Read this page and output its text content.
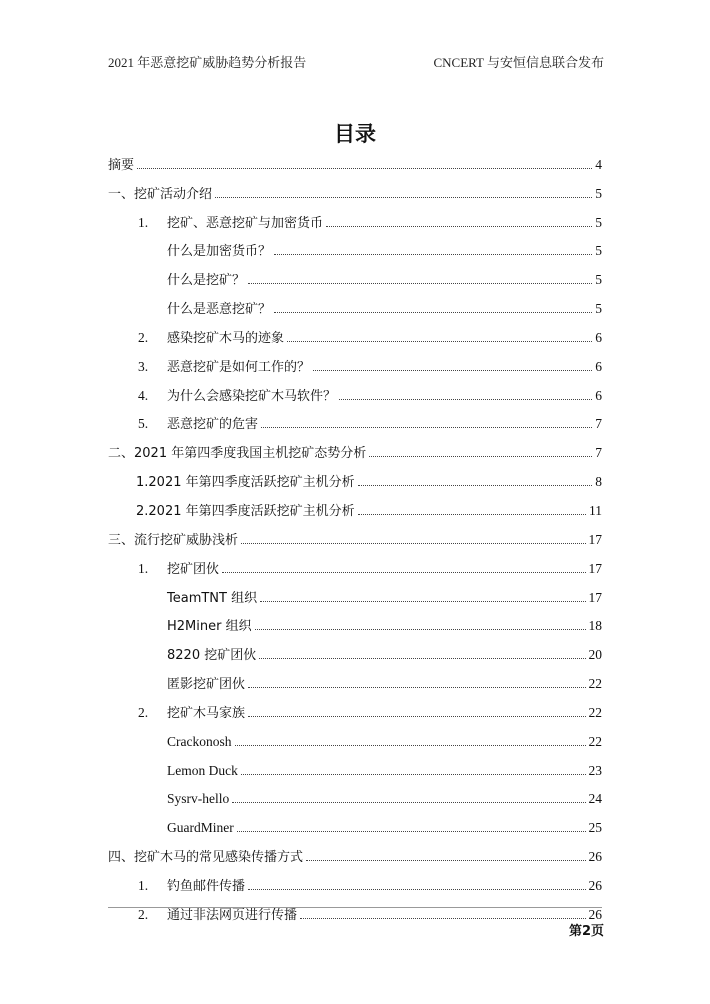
2021 年恶意挖矿威胁趋势分析报告	CNCERT 与安恒信息联合发布
目录
摘要	4
一、挖矿活动介绍	5
1.	挖矿、恶意挖矿与加密货币	5
什么是加密货币？	5
什么是挖矿？	5
什么是恶意挖矿？	5
2.	感染挖矿木马的迹象	6
3.	恶意挖矿是如何工作的？	6
4.	为什么会感染挖矿木马软件？	6
5.	恶意挖矿的危害	7
二、2021 年第四季度我国主机挖矿态势分析	7
1.2021 年第四季度活跃挖矿主机分析	8
2.2021 年第四季度活跃挖矿主机分析	11
三、流行挖矿威胁浅析	17
1.	挖矿团伙	17
TeamTNT 组织	17
H2Miner 组织	18
8220 挖矿团伙	20
匿影挖矿团伙	22
2.	挖矿木马家族	22
Crackonosh	22
Lemon Duck	23
Sysrv-hello	24
GuardMiner	25
四、挖矿木马的常见感染传播方式	26
1.	钓鱼邮件传播	26
2.	通过非法网页进行传播	26
第2页
